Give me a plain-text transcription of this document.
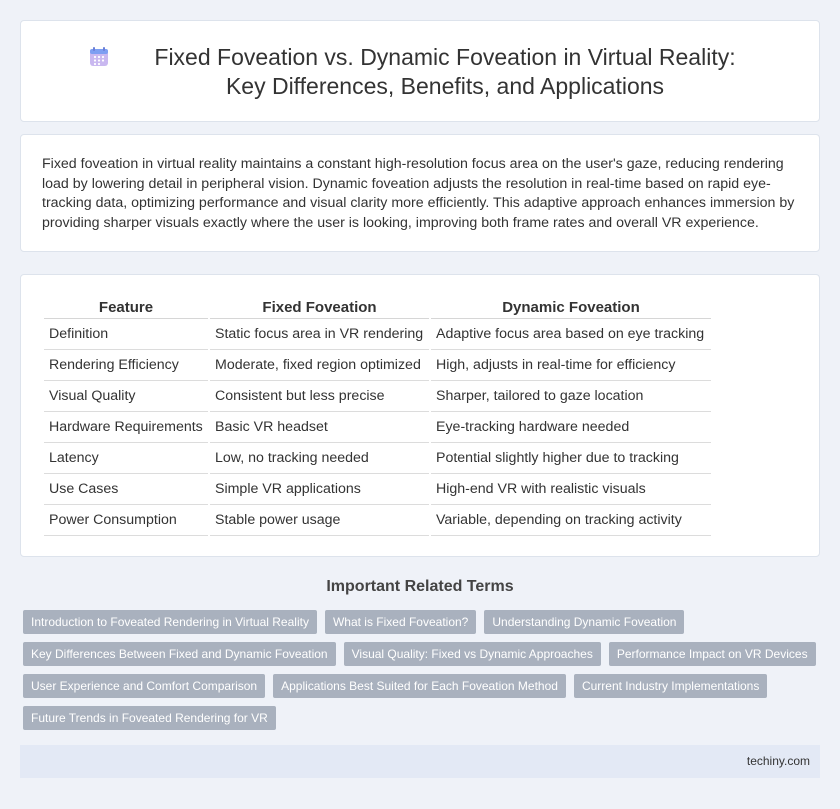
Fixed Foveation vs. Dynamic Foveation in Virtual Reality: Key Differences, Benefits, and Applications

Fixed foveation in virtual reality maintains a constant high-resolution focus area on the user's gaze, reducing rendering load by lowering detail in peripheral vision. Dynamic foveation adjusts the resolution in real-time based on rapid eye-tracking data, optimizing performance and visual clarity more efficiently. This adaptive approach enhances immersion by providing sharper visuals exactly where the user is looking, improving both frame rates and overall VR experience.

Feature	Fixed Foveation	Dynamic Foveation
Definition	Static focus area in VR rendering	Adaptive focus area based on eye tracking
Rendering Efficiency	Moderate, fixed region optimized	High, adjusts in real-time for efficiency
Visual Quality	Consistent but less precise	Sharper, tailored to gaze location
Hardware Requirements	Basic VR headset	Eye-tracking hardware needed
Latency	Low, no tracking needed	Potential slightly higher due to tracking
Use Cases	Simple VR applications	High-end VR with realistic visuals
Power Consumption	Stable power usage	Variable, depending on tracking activity
Important Related Terms
Introduction to Foveated Rendering in Virtual Reality	What is Fixed Foveation?	Understanding Dynamic Foveation
Key Differences Between Fixed and Dynamic Foveation	Visual Quality: Fixed vs Dynamic Approaches	Performance Impact on VR Devices
User Experience and Comfort Comparison	Applications Best Suited for Each Foveation Method	Current Industry Implementations
Future Trends in Foveated Rendering for VR
techiny.com
